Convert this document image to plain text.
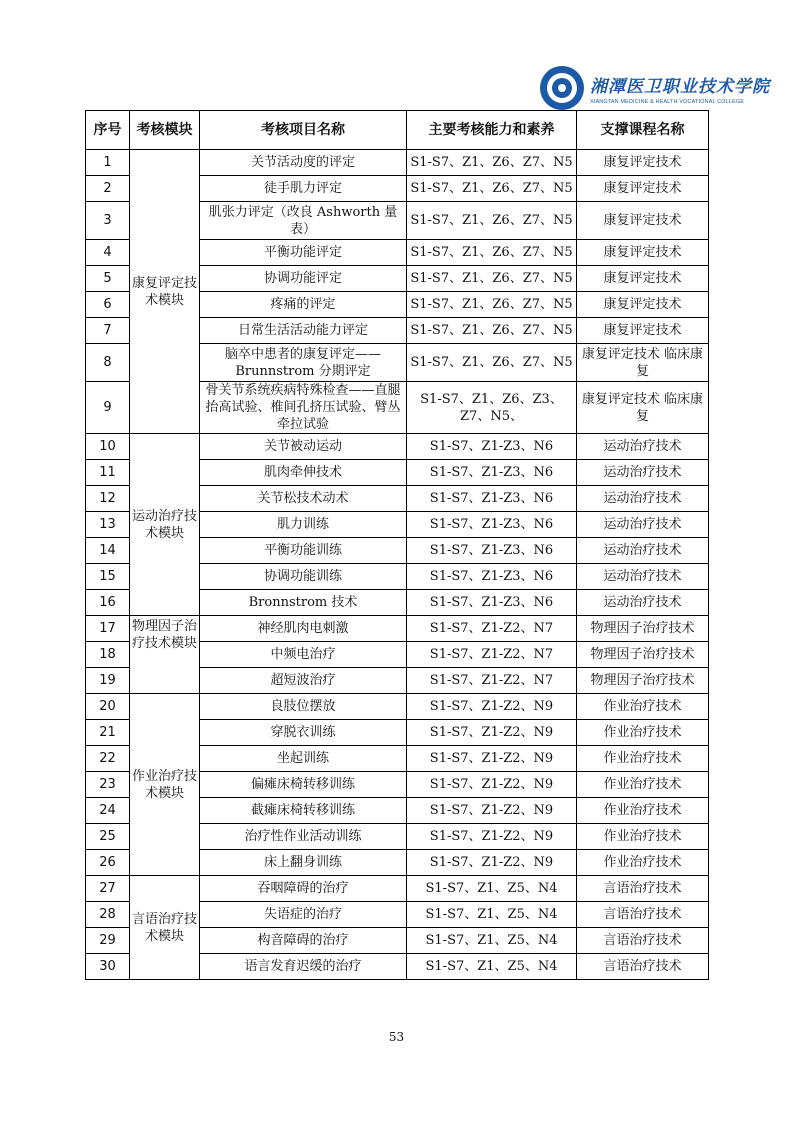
湘潭医卫职业技术学院
XIANGTAN MEDICINE & HEALTH VOCATIONAL COLLEGE
序号	考核模块	考核项目名称	主要考核能力和素养	支撑课程名称
1	康复评定技术模块	关节活动度的评定	S1-S7、Z1、Z6、Z7、N5	康复评定技术
2		徒手肌力评定	S1-S7、Z1、Z6、Z7、N5	康复评定技术
3		肌张力评定（改良 Ashworth 量表）	S1-S7、Z1、Z6、Z7、N5	康复评定技术
4		平衡功能评定	S1-S7、Z1、Z6、Z7、N5	康复评定技术
5		协调功能评定	S1-S7、Z1、Z6、Z7、N5	康复评定技术
6		疼痛的评定	S1-S7、Z1、Z6、Z7、N5	康复评定技术
7		日常生活活动能力评定	S1-S7、Z1、Z6、Z7、N5	康复评定技术
8		脑卒中患者的康复评定——Brunnstrom 分期评定	S1-S7、Z1、Z6、Z7、N5	康复评定技术 临床康复
9		骨关节系统疾病特殊检查——直腿抬高试验、椎间孔挤压试验、臂丛牵拉试验	S1-S7、Z1、Z6、Z3、Z7、N5、	康复评定技术 临床康复
10	运动治疗技术模块	关节被动运动	S1-S7、Z1-Z3、N6	运动治疗技术
11		肌肉牵伸技术	S1-S7、Z1-Z3、N6	运动治疗技术
12		关节松技术动术	S1-S7、Z1-Z3、N6	运动治疗技术
13		肌力训练	S1-S7、Z1-Z3、N6	运动治疗技术
14		平衡功能训练	S1-S7、Z1-Z3、N6	运动治疗技术
15		协调功能训练	S1-S7、Z1-Z3、N6	运动治疗技术
16		Bronnstrom 技术	S1-S7、Z1-Z3、N6	运动治疗技术
17	物理因子治疗技术模块	神经肌肉电刺激	S1-S7、Z1-Z2、N7	物理因子治疗技术
18		中频电治疗	S1-S7、Z1-Z2、N7	物理因子治疗技术
19		超短波治疗	S1-S7、Z1-Z2、N7	物理因子治疗技术
20	作业治疗技术模块	良肢位摆放	S1-S7、Z1-Z2、N9	作业治疗技术
21		穿脱衣训练	S1-S7、Z1-Z2、N9	作业治疗技术
22		坐起训练	S1-S7、Z1-Z2、N9	作业治疗技术
23		偏瘫床椅转移训练	S1-S7、Z1-Z2、N9	作业治疗技术
24		截瘫床椅转移训练	S1-S7、Z1-Z2、N9	作业治疗技术
25		治疗性作业活动训练	S1-S7、Z1-Z2、N9	作业治疗技术
26		床上翻身训练	S1-S7、Z1-Z2、N9	作业治疗技术
27	言语治疗技术模块	吞咽障碍的治疗	S1-S7、Z1、Z5、N4	言语治疗技术
28		失语症的治疗	S1-S7、Z1、Z5、N4	言语治疗技术
29		构音障碍的治疗	S1-S7、Z1、Z5、N4	言语治疗技术
30		语言发育迟缓的治疗	S1-S7、Z1、Z5、N4	言语治疗技术
53
